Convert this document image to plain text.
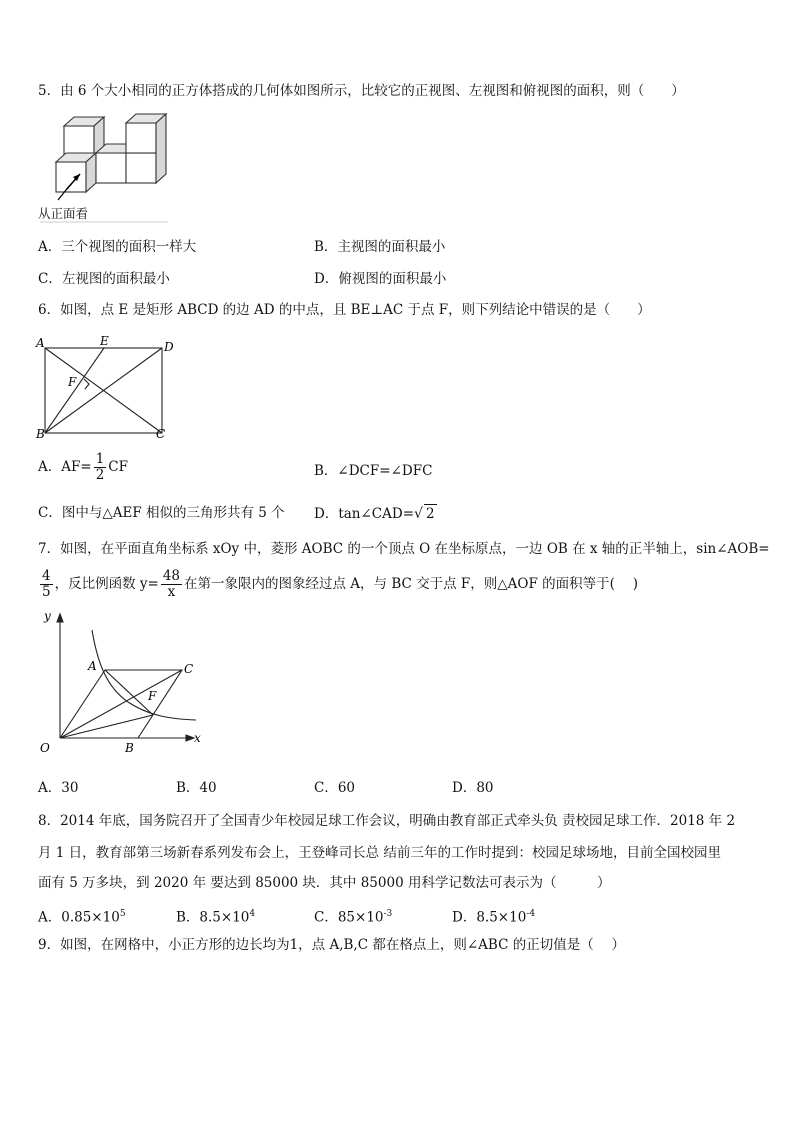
5．由 6 个大小相同的正方体搭成的几何体如图所示，比较它的正视图、左视图和俯视图的面积，则（　　）
从正面看
A．三个视图的面积一样大	B．主视图的面积最小
C．左视图的面积最小	D．俯视图的面积最小
6．如图，点 E 是矩形 ABCD 的边 AD 的中点，且 BE⊥AC 于点 F，则下列结论中错误的是（　　）
A	E	D
F
B	C
A．$AF= \frac{1}{2}$ CF	B．∠DCF=∠DFC
C．图中与△AEF 相似的三角形共有 5 个 D．tan∠CAD=√ 2
7．如图，在平面直角坐标系 xOy 中，菱形 AOBC 的一个顶点 O 在坐标原点，一边 OB 在 x 轴的正半轴上，sin∠AOB=
$\frac{4}{5}$ ，反比例函数 $y= \frac{48}{x}$ 在第一象限内的图象经过点 A，与 BC 交于点 F，则△AOF 的面积等于(　 )
y
x
O
A	C
F
B
A．30	B．40	C．60	D．80
8．2014 年底，国务院召开了全国青少年校园足球工作会议，明确由教育部正式牵头负 责校园足球工作．2018 年 2
月 1 日，教育部第三场新春系列发布会上，王登峰司长总 结前三年的工作时提到：校园足球场地，目前全国校园里
面有 5 万多块，到 2020 年 要达到 85000 块．其中 85000 用科学记数法可表示为（　　　）
A．$0.85\times 10^5$	B．$8.5\times 10^4$	C．$85\times 10^{-3}$	D．$8.5\times 10^{-4}$
9．如图，在网格中，小正方形的边长均为1，点 A,B,C 都在格点上，则∠ABC 的正切值是（　 ）
